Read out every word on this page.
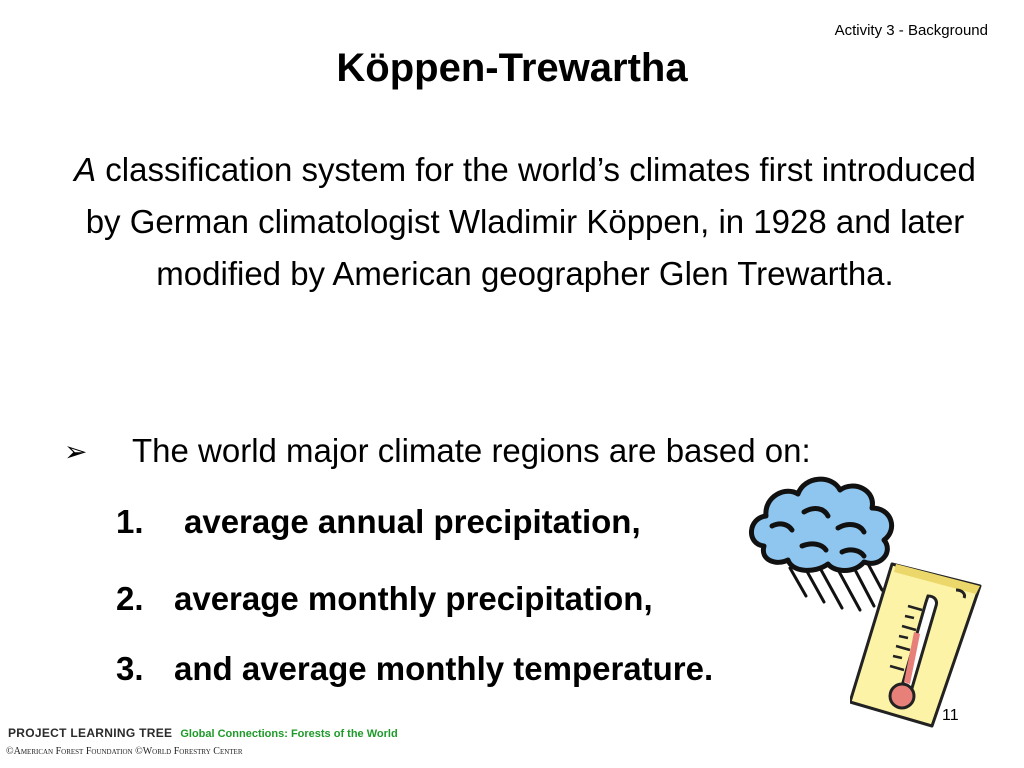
Activity 3 - Background
Köppen-Trewartha
A classification system for the world’s climates first introduced by German climatologist Wladimir Köppen, in 1928 and later modified by American geographer Glen Trewartha.
➢	The world major climate regions are based on:
1.	average annual precipitation,
2. average monthly precipitation,
3. and average monthly temperature.
11
PROJECT LEARNING TREE Global Connections: Forests of the World
©American Forest Foundation ©World Forestry Center
